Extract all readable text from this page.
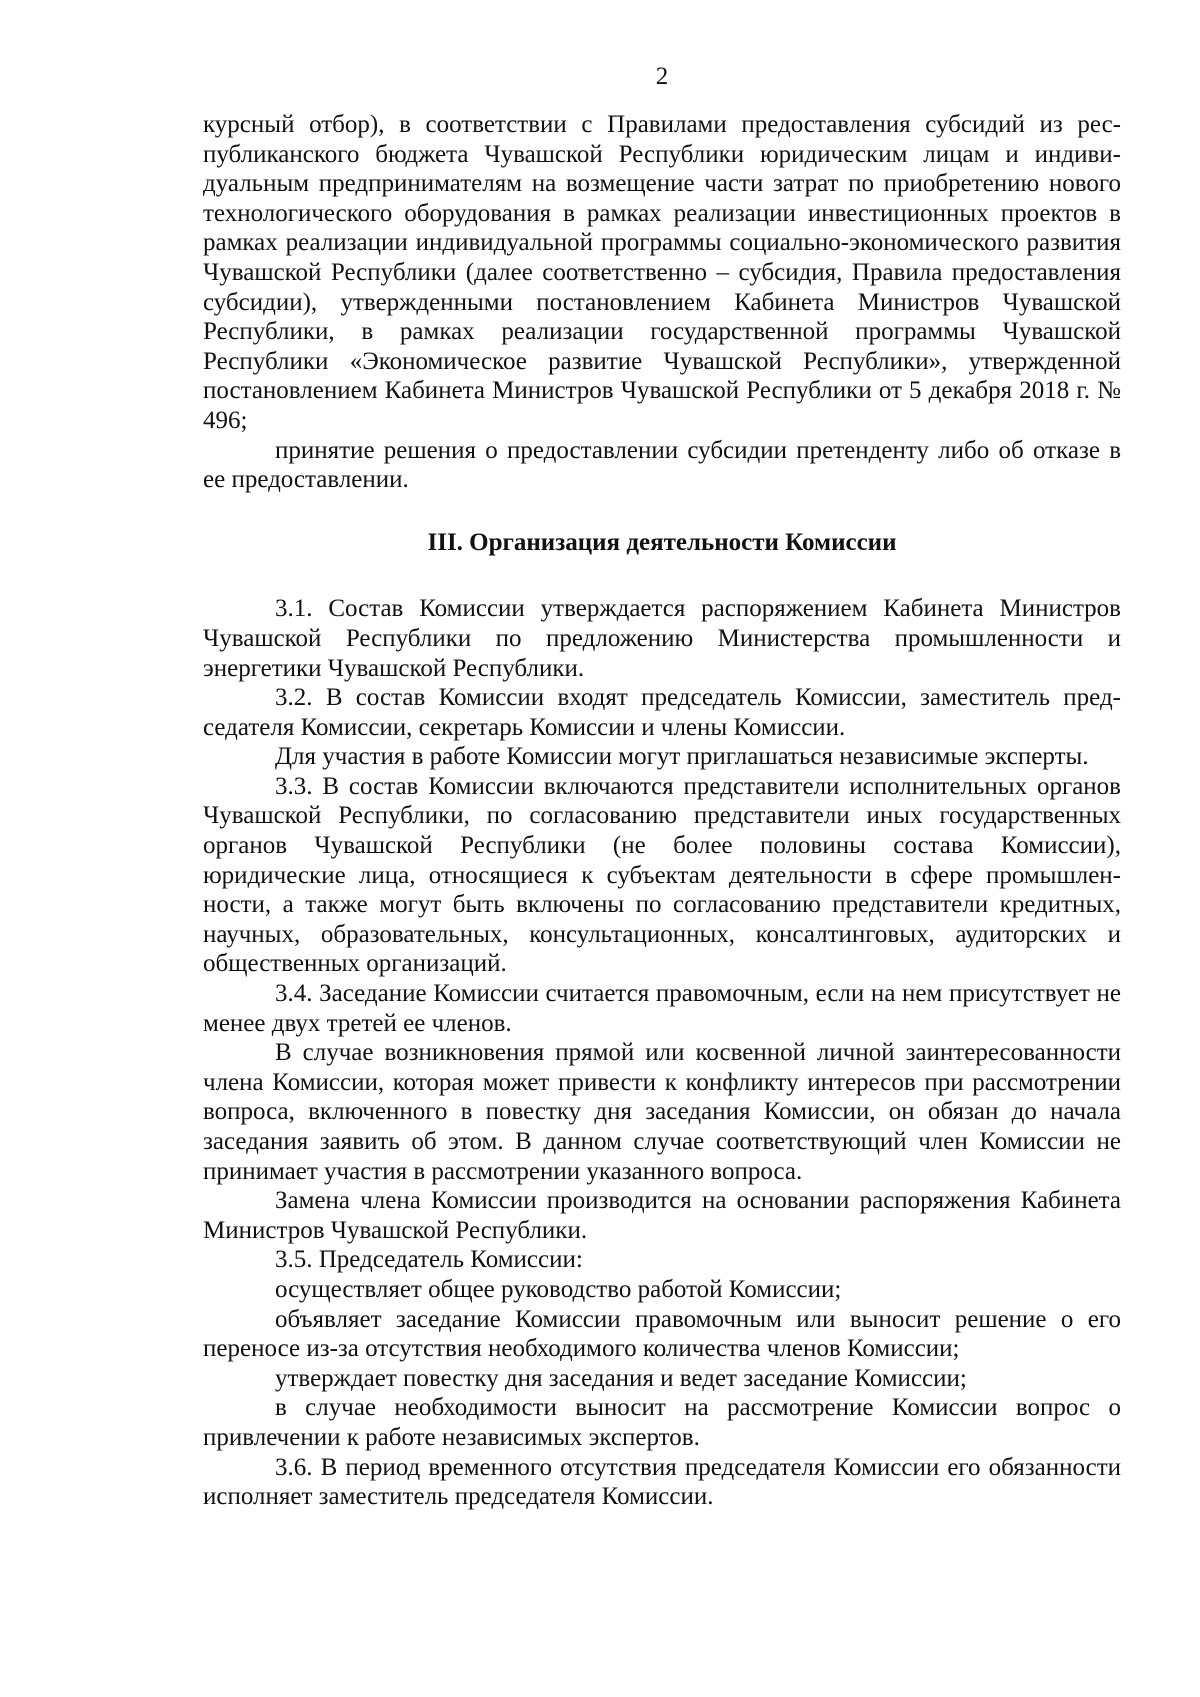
2

курсный отбор), в соответствии с Правилами предоставления субсидий из республиканского бюджета Чувашской Республики юридическим лицам и индивидуальным предпринимателям на возмещение части затрат по приобретению нового технологического оборудования в рамках реализации инвестиционных проектов в рамках реализации индивидуальной программы социально-экономического развития Чувашской Республики (далее соответственно – субсидия, Правила предоставления субсидии), утвержденными постановлением Кабинета Министров Чувашской Республики, в рамках реализации государственной программы Чувашской Республики «Экономическое развитие Чувашской Республики», утвержденной постановлением Кабинета Министров Чувашской Республики от 5 декабря 2018 г. № 496;

принятие решения о предоставлении субсидии претенденту либо об отказе в ее предоставлении.

III. Организация деятельности Комиссии

3.1. Состав Комиссии утверждается распоряжением Кабинета Министров Чувашской Республики по предложению Министерства промышленности и энергетики Чувашской Республики.

3.2. В состав Комиссии входят председатель Комиссии, заместитель председателя Комиссии, секретарь Комиссии и члены Комиссии.

Для участия в работе Комиссии могут приглашаться независимые эксперты.

3.3. В состав Комиссии включаются представители исполнительных органов Чувашской Республики, по согласованию представители иных государственных органов Чувашской Республики (не более половины состава Комиссии), юридические лица, относящиеся к субъектам деятельности в сфере промышленности, а также могут быть включены по согласованию представители кредитных, научных, образовательных, консультационных, консалтинговых, аудиторских и общественных организаций.

3.4. Заседание Комиссии считается правомочным, если на нем присутствует не менее двух третей ее членов.

В случае возникновения прямой или косвенной личной заинтересованности члена Комиссии, которая может привести к конфликту интересов при рассмотрении вопроса, включенного в повестку дня заседания Комиссии, он обязан до начала заседания заявить об этом. В данном случае соответствующий член Комиссии не принимает участия в рассмотрении указанного вопроса.

Замена члена Комиссии производится на основании распоряжения Кабинета Министров Чувашской Республики.

3.5. Председатель Комиссии:

осуществляет общее руководство работой Комиссии;

объявляет заседание Комиссии правомочным или выносит решение о его переносе из-за отсутствия необходимого количества членов Комиссии;

утверждает повестку дня заседания и ведет заседание Комиссии;

в случае необходимости выносит на рассмотрение Комиссии вопрос о привлечении к работе независимых экспертов.

3.6. В период временного отсутствия председателя Комиссии его обязанности исполняет заместитель председателя Комиссии.
